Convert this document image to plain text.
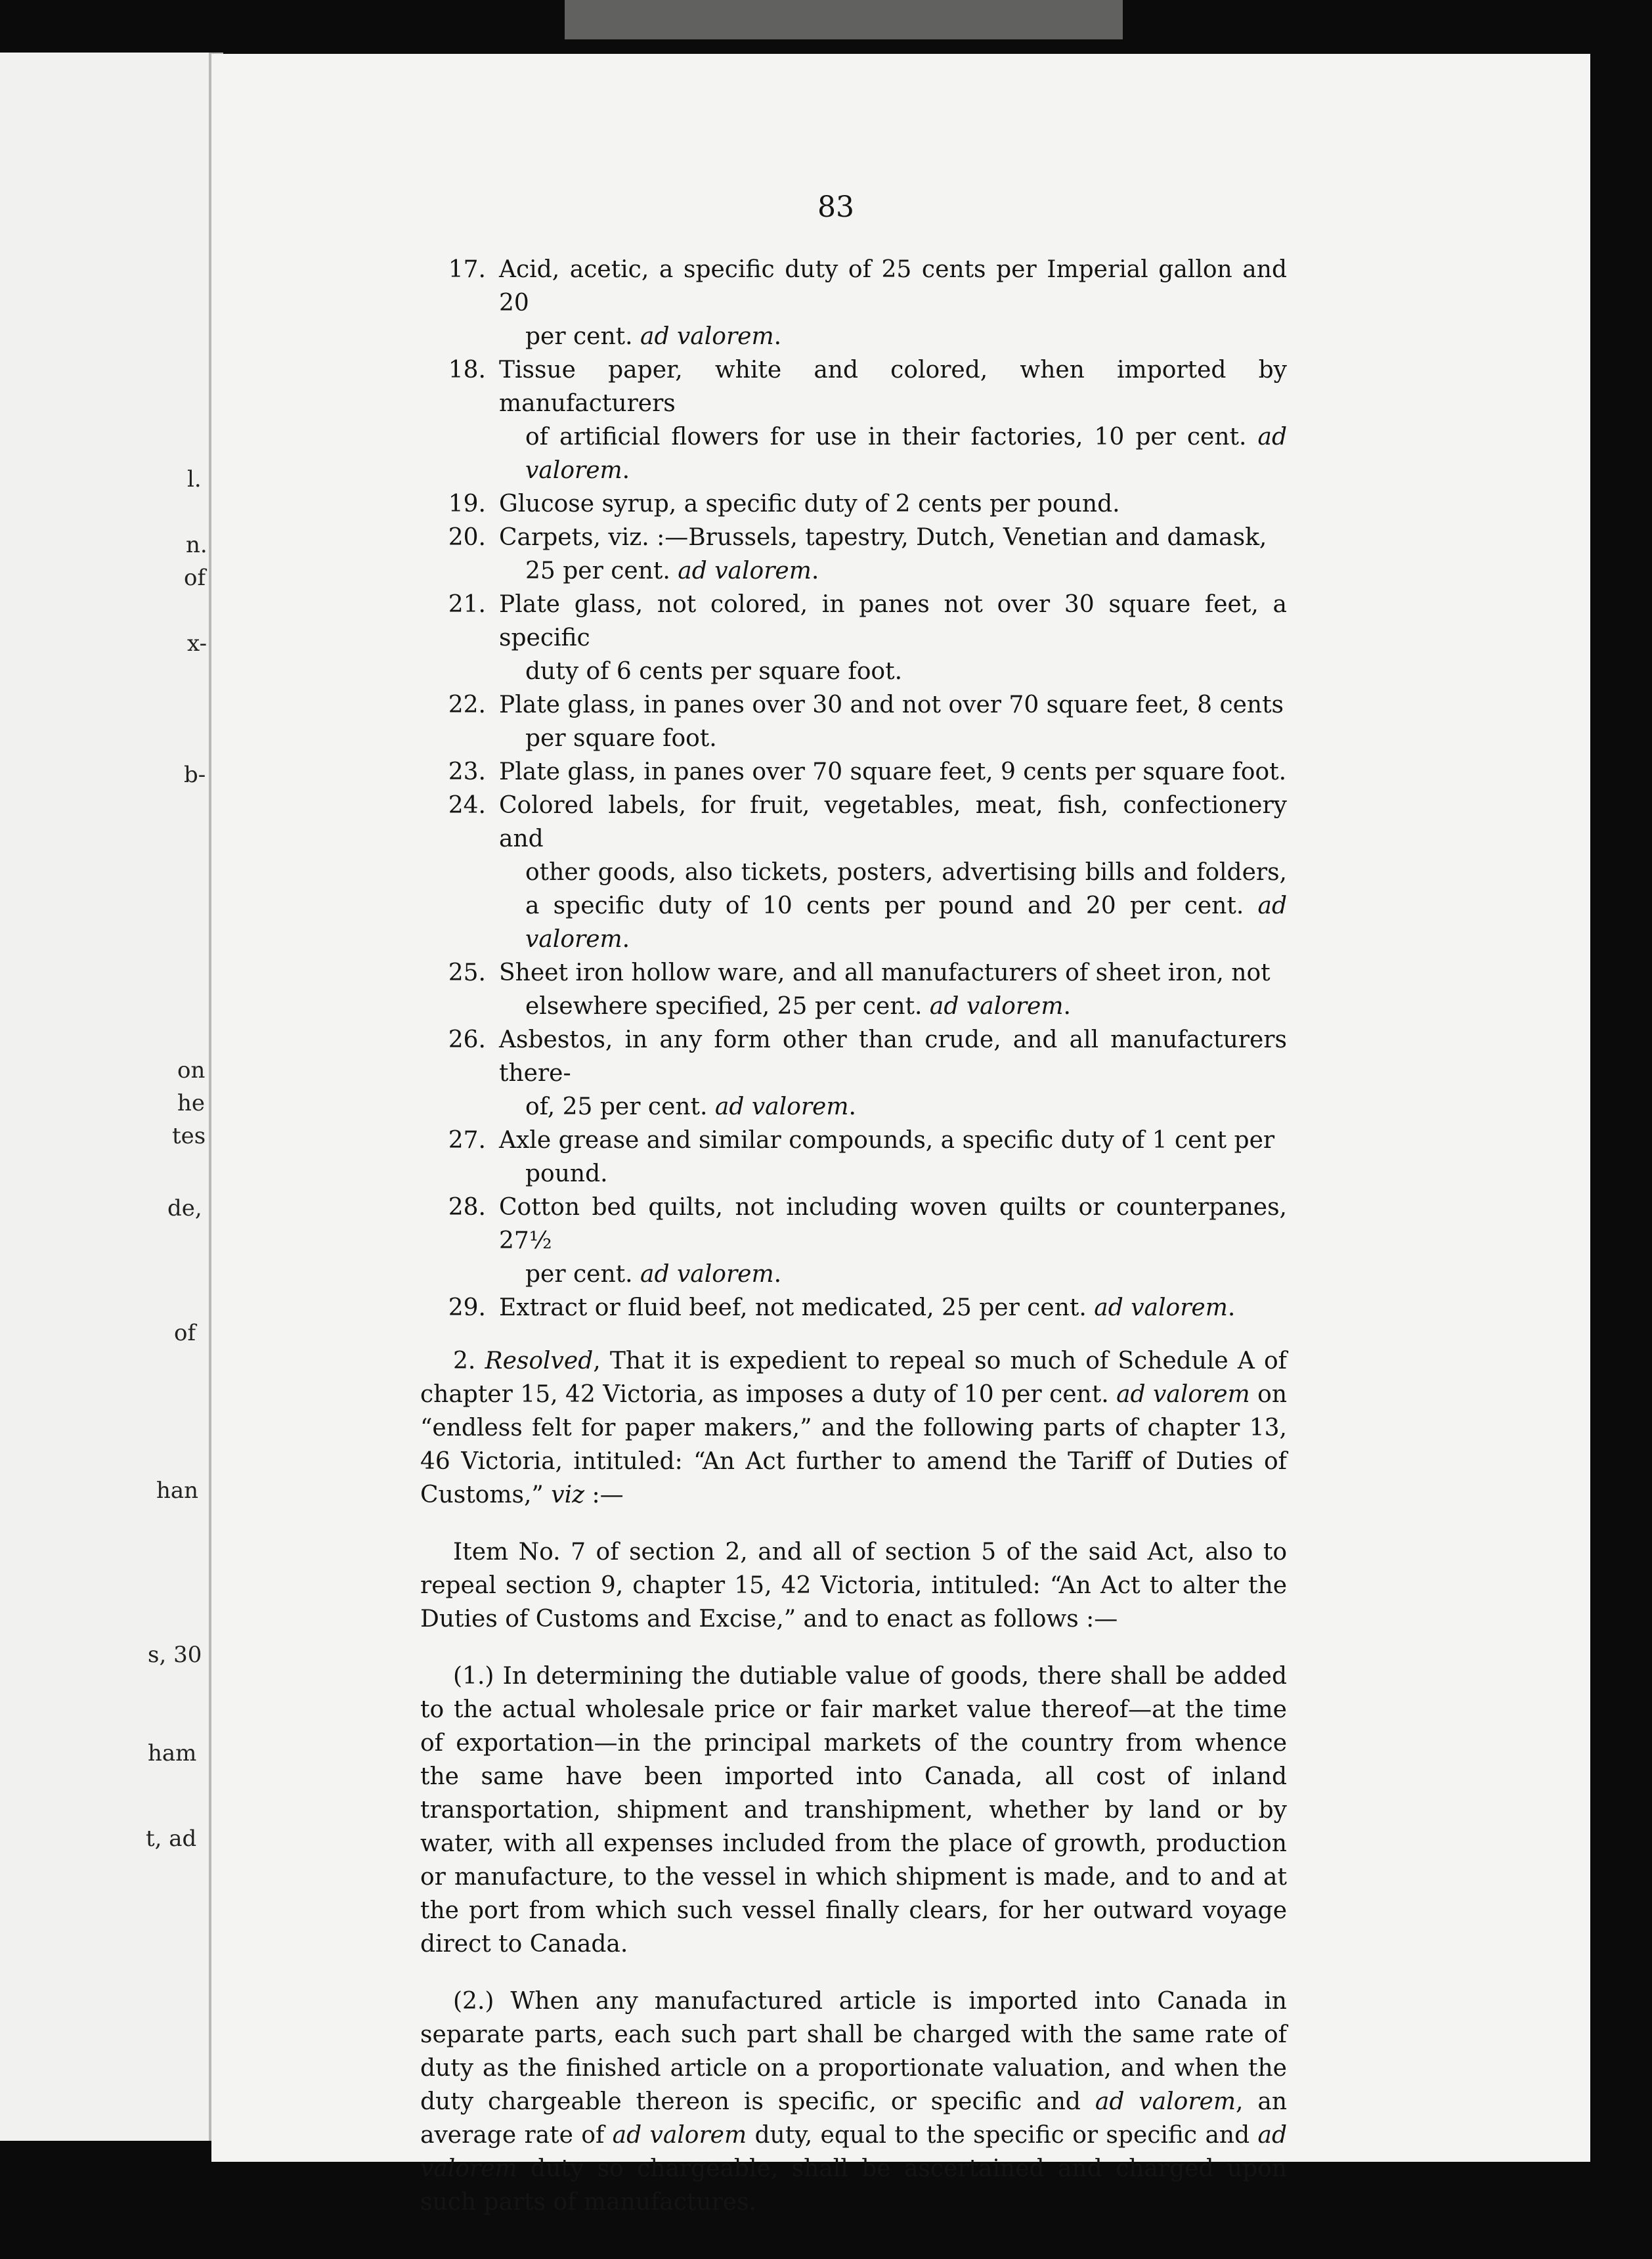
l.
n.
of
x-
b-
on
he
tes
de,
of
han
s, 30
ham
t, ad
83
17. Acid, acetic, a specific duty of 25 cents per Imperial gallon and 20
per cent. ad valorem.
18. Tissue paper, white and colored, when imported by manufacturers
of artificial flowers for use in their factories, 10 per cent. ad valorem.
19. Glucose syrup, a specific duty of 2 cents per pound.
20. Carpets, viz. :—Brussels, tapestry, Dutch, Venetian and damask,
25 per cent. ad valorem.
21. Plate glass, not colored, in panes not over 30 square feet, a specific
duty of 6 cents per square foot.
22. Plate glass, in panes over 30 and not over 70 square feet, 8 cents
per square foot.
23. Plate glass, in panes over 70 square feet, 9 cents per square foot.
24. Colored labels, for fruit, vegetables, meat, fish, confectionery and
other goods, also tickets, posters, advertising bills and folders, a specific duty of 10 cents per pound and 20 per cent. ad valorem.
25. Sheet iron hollow ware, and all manufacturers of sheet iron, not
elsewhere specified, 25 per cent. ad valorem.
26. Asbestos, in any form other than crude, and all manufacturers there-
of, 25 per cent. ad valorem.
27. Axle grease and similar compounds, a specific duty of 1 cent per
pound.
28. Cotton bed quilts, not including woven quilts or counterpanes, 27½
per cent. ad valorem.
29. Extract or fluid beef, not medicated, 25 per cent. ad valorem.

2. Resolved, That it is expedient to repeal so much of Schedule A of chapter 15, 42 Victoria, as imposes a duty of 10 per cent. ad valorem on “endless felt for paper makers,” and the following parts of chapter 13, 46 Victoria, intituled: “An Act further to amend the Tariff of Duties of Customs,” viz :—

Item No. 7 of section 2, and all of section 5 of the said Act, also to repeal section 9, chapter 15, 42 Victoria, intituled: “An Act to alter the Duties of Customs and Excise,” and to enact as follows :—

(1.) In determining the dutiable value of goods, there shall be added to the actual wholesale price or fair market value thereof—at the time of exportation—in the principal markets of the country from whence the same have been imported into Canada, all cost of inland transportation, shipment and transhipment, whether by land or by water, with all expenses included from the place of growth, production or manufacture, to the vessel in which shipment is made, and to and at the port from which such vessel finally clears, for her outward voyage direct to Canada.

(2.) When any manufactured article is imported into Canada in separate parts, each such part shall be charged with the same rate of duty as the finished article on a proportionate valuation, and when the duty chargeable thereon is specific, or specific and ad valorem, an average rate of ad valorem duty, equal to the specific or specific and ad valorem duty so chargeable, shall be ascertained and charged upon such parts of manufactures.
